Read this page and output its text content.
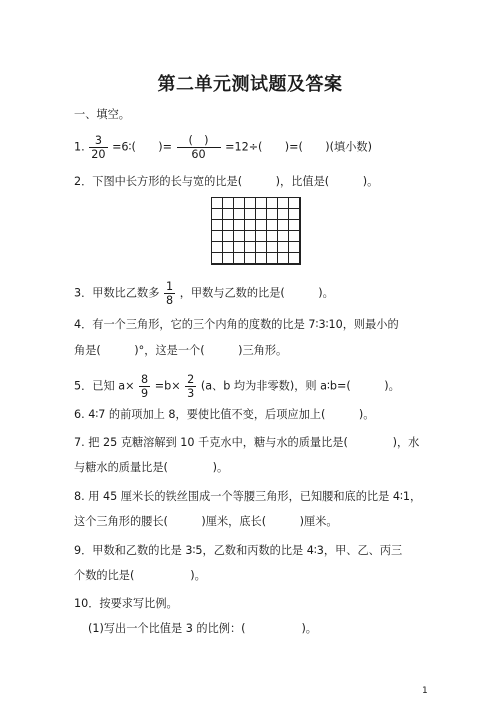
第二单元测试题及答案
一、填空。
1. $\frac{3}{20}$ =6∶(　　)= $\frac{( )}{60} =12\div$(　　)=(　　)(填小数)
2．下图中长方形的长与宽的比是(　　　)，比值是(　　　)。
3．甲数比乙数多 $\frac{1}{8}$ ，甲数与乙数的比是(　　　)。
4．有一个三角形，它的三个内角的度数的比是 7∶3∶10，则最小的
角是(　　　)°，这是一个(　　　)三角形。
5．已知 $a\times \frac{8}{9} =b\times \frac{2}{3} (a$、b 均为非零数)，则 a∶b=(　　　)。
6. 4∶7 的前项加上 8，要使比值不变，后项应加上(　　　)。
7. 把 25 克糖溶解到 10 千克水中，糖与水的质量比是(　　　　)，水
与糖水的质量比是(　　　　)。
8. 用 45 厘米长的铁丝围成一个等腰三角形，已知腰和底的比是 4∶1，
这个三角形的腰长(　　　)厘米，底长(　　　)厘米。
9．甲数和乙数的比是 3∶5，乙数和丙数的比是 4∶3，甲、乙、丙三
个数的比是(　　　　　)。
10．按要求写比例。
(1)写出一个比值是 3 的比例：(　　　　　)。
1
